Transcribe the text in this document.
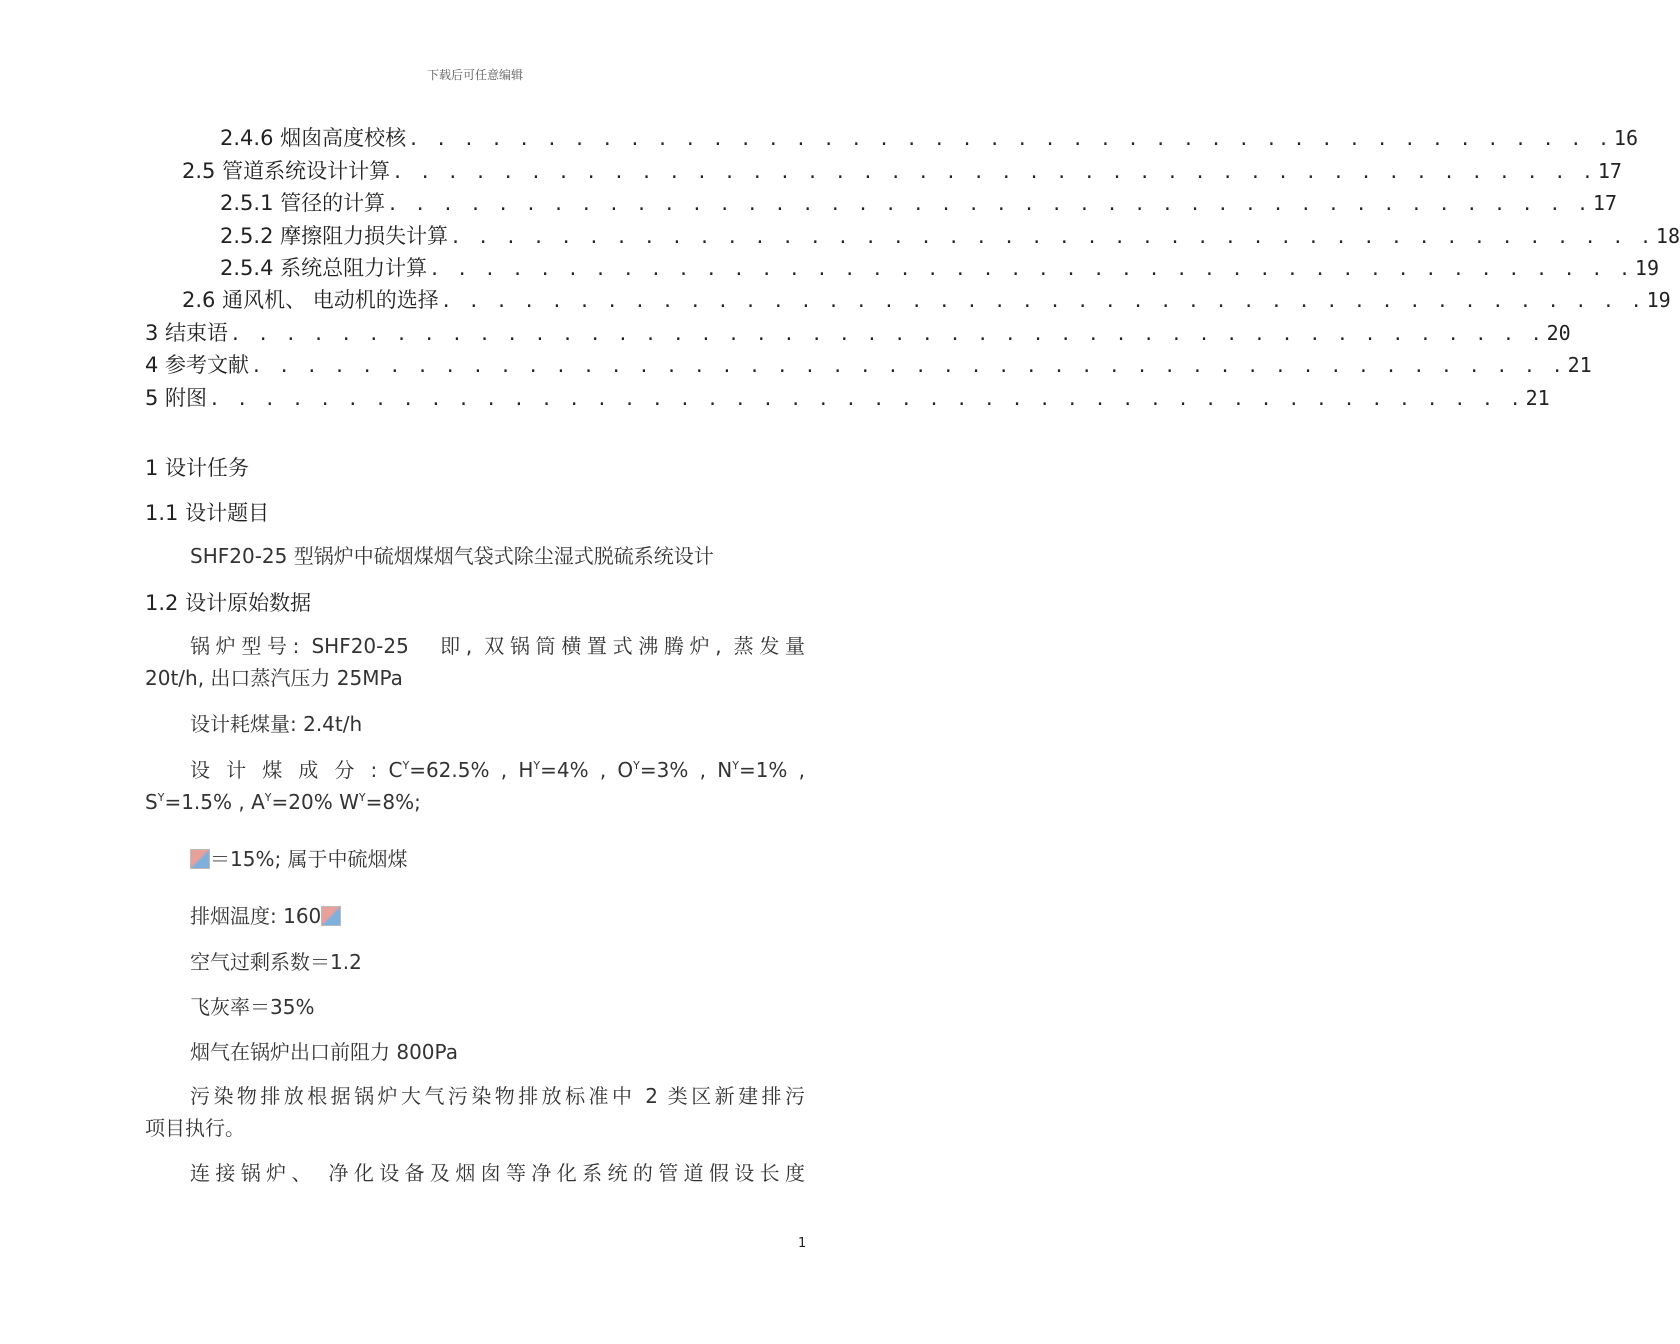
下载后可任意编辑
2.4.6 烟囱高度校核 . . . . . . . . . . . . . . . . . . . . . . . . . . . . . . . . . . . . . . . . . . . . 16
2.5 管道系统设计计算 . . . . . . . . . . . . . . . . . . . . . . . . . . . . . . . . . . . . . . . . . . . . 17
2.5.1 管径的计算 . . . . . . . . . . . . . . . . . . . . . . . . . . . . . . . . . . . . . . . . . . . . 17
2.5.2 摩擦阻力损失计算 . . . . . . . . . . . . . . . . . . . . . . . . . . . . . . . . . . . . . . . . . . . . 18
2.5.4 系统总阻力计算 . . . . . . . . . . . . . . . . . . . . . . . . . . . . . . . . . . . . . . . . . . . . 19
2.6 通风机、 电动机的选择 . . . . . . . . . . . . . . . . . . . . . . . . . . . . . . . . . . . . . . . . . . . . 19
3 结束语 . . . . . . . . . . . . . . . . . . . . . . . . . . . . . . . . . . . . . . . . . . . . . . . . 20
4 参考文献 . . . . . . . . . . . . . . . . . . . . . . . . . . . . . . . . . . . . . . . . . . . . . . . . 21
5 附图 . . . . . . . . . . . . . . . . . . . . . . . . . . . . . . . . . . . . . . . . . . . . . . . . 21
1 设计任务
1.1 设计题目
SHF20-25 型锅炉中硫烟煤烟气袋式除尘湿式脱硫系统设计
1.2 设计原始数据
锅炉型号: SHF20-25　即, 双锅筒横置式沸腾炉, 蒸发量
20t/h, 出口蒸汽压力 25MPa
设计耗煤量: 2.4t/h
设 计 煤 成 分 : $C^Y=62.5\%$ , $H^Y=4\%$ , $O^Y=3\%$ , $N^Y=1\%$ ,
$S^Y=1.5\%$ , $A^Y=20\%$ $W^Y=8\%$;
＝15%; 属于中硫烟煤
排烟温度: 160
空气过剩系数＝1.2
飞灰率＝35%
烟气在锅炉出口前阻力 800Pa
污染物排放根据锅炉大气污染物排放标准中 2 类区新建排污
项目执行。
连接锅炉、 净化设备及烟囱等净化系统的管道假设长度
1
